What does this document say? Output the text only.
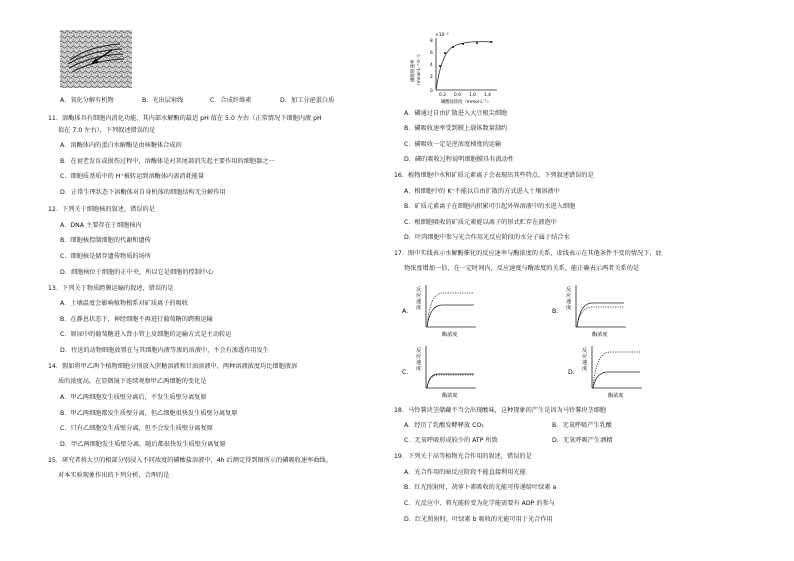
A．氧化分解有机物	B．光出层射线	C．合成纤维素	D．加工分泌蛋白质
11．溶酶体具有细胞内消化功能，其内部水解酶的最适 pH 值在 5.0 左右（正常情况下细胞内液 pH
值在 7.0 左右），下列叙述错误的是
A．溶酶体内的蛋白水解酶是由核糖体合成的
B．在衰老发育或损伤过程中，溶酶体是对其尾部消失起主要作用的细胞器之一
C．细胞质基质中的 H⁺被转运到溶酶体内需消耗能量
D．正常生理状态下溶酶体对自身机体的细胞结构无分解作用
12．下列关于细胞核的叙述，错误的是
A．DNA 主要存在于细胞核内
B．细胞核控制细胞的代谢和遗传
C．细胞核是储存遗传物质的场所
D．细胞核位于细胞的正中央，所以它是细胞的控制中心
13．下列关于物质跨膜运输的叙述，错误的是
A．土壤温度会影响植物根系对矿质离子的吸收
B．在静息状态下，神经细胞不再进行葡萄糖的跨膜运输
C．原尿中的葡萄糖进入肾小管上皮细胞的运输方式是主动转运
D．待送的动物细胞放置在与其细胞内液等渗的溶液中，不会有渗透作用发生
14．假如将甲乙两个植物细胞分别放入蔗糖溶液和甘油溶液中，两种溶液浓度均比细胞液溶
质的浓度高，在显微镜下连续观察甲乙两细胞的变化是
A．甲乙两细胞发生质壁分离后，不发生质壁分离复原
B．甲乙两细胞都发生质壁分离，但乙细胞很快发生质壁分离复原
C．只有乙细胞发生质壁分离，但不会发生质壁分离复原
D．甲乙两细胞发生质壁分离，随后都很快发生质壁分离复原
15．研究者将大豆的根部分别浸入不同浓度的磷酸盐溶液中，4h 后测定得到图所示的磷吸收速率曲线。
对本实验现象作出的下列分析，合理的是
×10⁻²
磷吸收速率 (mmol·L⁻¹·h⁻¹)
8
6
4
2
0
0.2 0.6 1.0 1.4
磷酸盐浓度（mmol·L⁻¹）
A．磷通过自由扩散进入大豆根尖细胞
B．磷吸收速率受到膜上载体数量制约
C．磷吸收一定是逆浓度梯度的运输
D．磷的吸收过程说明细胞膜具有流动性
16．植物细胞中水和矿质元素离子会表现出其些特点，下列叙述错误的是
A．根细胞中的 K⁺不能以自由扩散的方式进入土壤溶液中
B．矿质元素离子在细胞内积累可引起外界溶液中的水进入细胞
C．根细胞吸收的矿质元素能以离子的形式贮存在液泡中
D．叶肉细胞中参与光合作用光反应阶段的水分子属于结合水
17．图中实线表示水解酶催化的反应速率与酶浓度的关系，虚线表示在其他条件不变的情况下，底
物浓度增加一倍，在一定时间内，反应速度与酶浓度的关系，能正确表示两者关系的是
A．
反
应
速
度
酶浓度
B．
反
应
速
度
酶浓度
C．
反
应
速
度
酶浓度
D．
反
应
速
度
酶浓度
18．马铃薯块茎储藏不当会出现酸味，这种现象的产生是因为马铃薯块茎细胞
A．经历了乳酸发酵释放 CO₂	B．无氧呼吸产生乳酸
C．无氧呼吸形成较少的 ATP 所致	D．无氧呼吸产生酒精
19．下列关于高等植物光合作用的叙述，错误的是
A．光合作用的暗反应阶段不能直接利用光能
B．红光照射时，胡萝卜素吸收的光能可传递给叶绿素 a
C．光反应中，将光能转变为化学能需要有 ADP 的参与
D．红光照射时，叶绿素 b 吸收的光能可用于光合作用
